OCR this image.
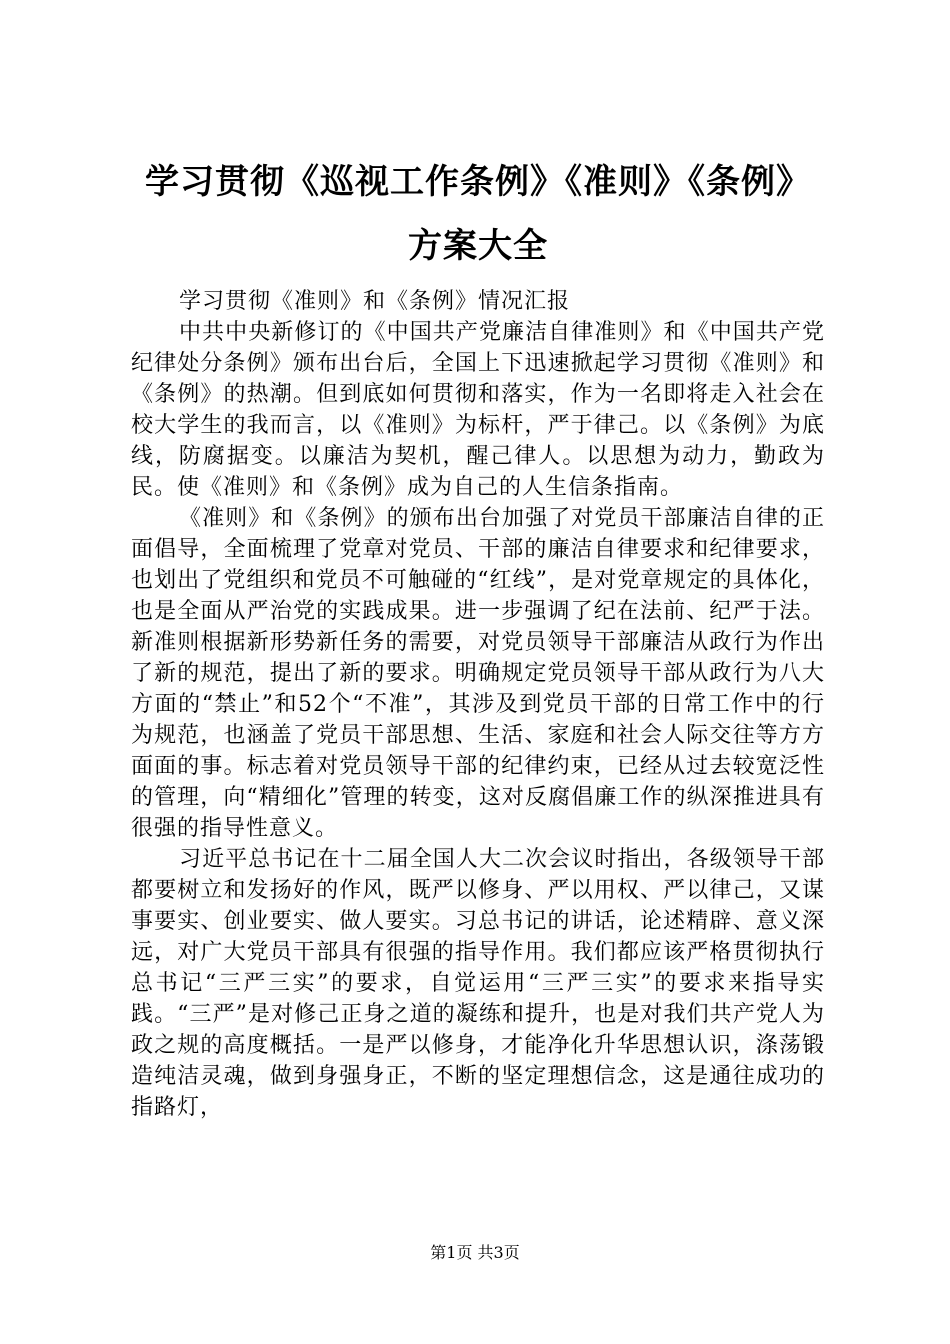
学习贯彻《巡视工作条例》《准则》《条例》
方案大全

学习贯彻《准则》和《条例》情况汇报

中共中央新修订的《中国共产党廉洁自律准则》和《中国共产党纪律处分条例》颁布出台后，全国上下迅速掀起学习贯彻《准则》和《条例》的热潮。但到底如何贯彻和落实，作为一名即将走入社会在校大学生的我而言，以《准则》为标杆，严于律己。以《条例》为底线，防腐据变。以廉洁为契机，醒己律人。以思想为动力，勤政为民。使《准则》和《条例》成为自己的人生信条指南。

《准则》和《条例》的颁布出台加强了对党员干部廉洁自律的正面倡导，全面梳理了党章对党员、干部的廉洁自律要求和纪律要求，也划出了党组织和党员不可触碰的“红线”，是对党章规定的具体化，也是全面从严治党的实践成果。进一步强调了纪在法前、纪严于法。新准则根据新形势新任务的需要，对党员领导干部廉洁从政行为作出了新的规范，提出了新的要求。明确规定党员领导干部从政行为八大方面的“禁止”和52个“不准”，其涉及到党员干部的日常工作中的行为规范，也涵盖了党员干部思想、生活、家庭和社会人际交往等方方面面的事。标志着对党员领导干部的纪律约束，已经从过去较宽泛性的管理，向“精细化”管理的转变，这对反腐倡廉工作的纵深推进具有很强的指导性意义。

习近平总书记在十二届全国人大二次会议时指出，各级领导干部都要树立和发扬好的作风，既严以修身、严以用权、严以律己，又谋事要实、创业要实、做人要实。习总书记的讲话，论述精辟、意义深远，对广大党员干部具有很强的指导作用。我们都应该严格贯彻执行总书记“三严三实”的要求，自觉运用“三严三实”的要求来指导实践。“三严”是对修己正身之道的凝练和提升，也是对我们共产党人为政之规的高度概括。一是严以修身，才能净化升华思想认识，涤荡锻造纯洁灵魂，做到身强身正，不断的坚定理想信念，这是通往成功的指路灯，

第1页 共3页
